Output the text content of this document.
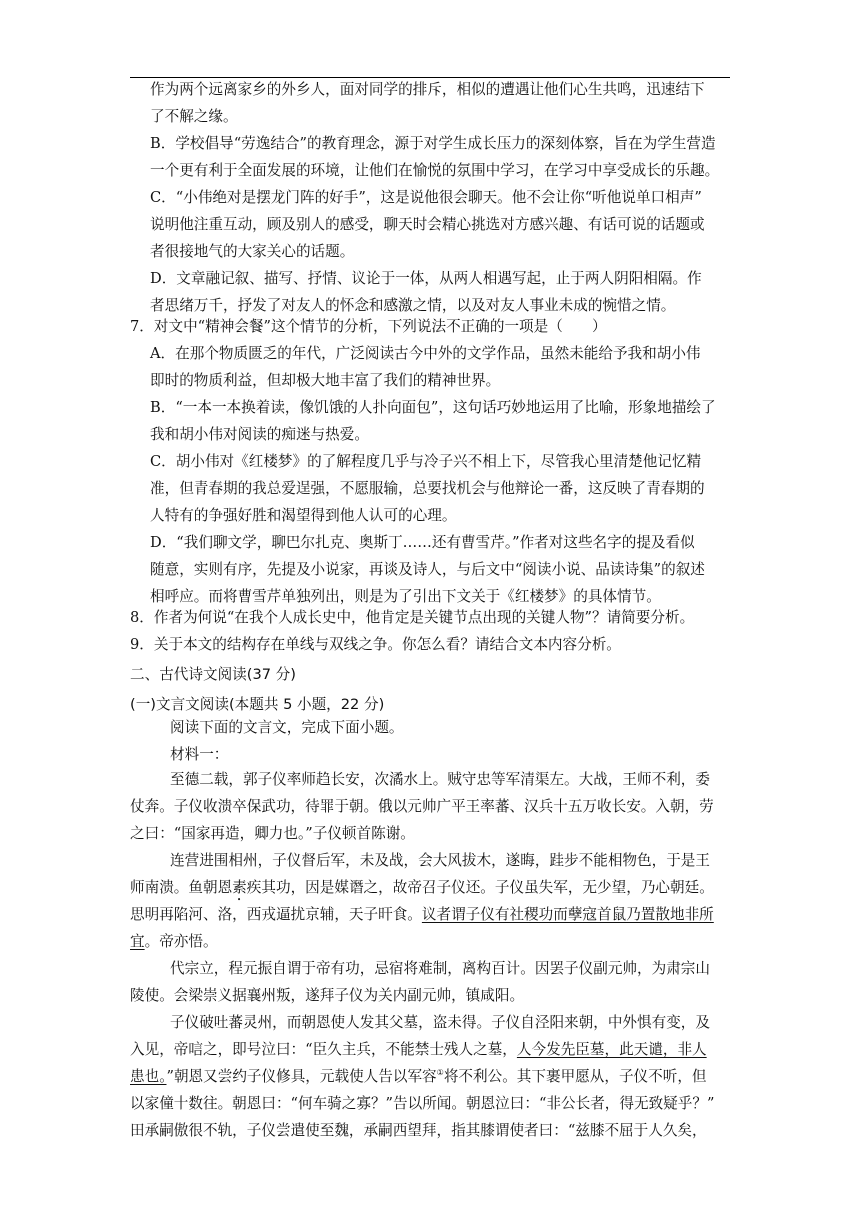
作为两个远离家乡的外乡人，面对同学的排斥，相似的遭遇让他们心生共鸣，迅速结下
了不解之缘。
B．学校倡导“劳逸结合”的教育理念，源于对学生成长压力的深刻体察，旨在为学生营造
一个更有利于全面发展的环境，让他们在愉悦的氛围中学习，在学习中享受成长的乐趣。
C．“小伟绝对是摆龙门阵的好手”，这是说他很会聊天。他不会让你“听他说单口相声”
说明他注重互动，顾及别人的感受，聊天时会精心挑选对方感兴趣、有话可说的话题或
者很接地气的大家关心的话题。
D．文章融记叙、描写、抒情、议论于一体，从两人相遇写起，止于两人阴阳相隔。作
者思绪万千，抒发了对友人的怀念和感激之情，以及对友人事业未成的惋惜之情。
7．对文中“精神会餐”这个情节的分析，下列说法不正确的一项是（　　）
A．在那个物质匮乏的年代，广泛阅读古今中外的文学作品，虽然未能给予我和胡小伟
即时的物质利益，但却极大地丰富了我们的精神世界。
B．“一本一本换着读，像饥饿的人扑向面包”，这句话巧妙地运用了比喻，形象地描绘了
我和胡小伟对阅读的痴迷与热爱。
C．胡小伟对《红楼梦》的了解程度几乎与冷子兴不相上下，尽管我心里清楚他记忆精
准，但青春期的我总爱逞强，不愿服输，总要找机会与他辩论一番，这反映了青春期的
人特有的争强好胜和渴望得到他人认可的心理。
D．“我们聊文学，聊巴尔扎克、奥斯丁……还有曹雪芹。”作者对这些名字的提及看似
随意，实则有序，先提及小说家，再谈及诗人，与后文中“阅读小说、品读诗集”的叙述
相呼应。而将曹雪芹单独列出，则是为了引出下文关于《红楼梦》的具体情节。
8．作者为何说“在我个人成长史中，他肯定是关键节点出现的关键人物”？请简要分析。
9．关于本文的结构存在单线与双线之争。你怎么看？请结合文本内容分析。
二、古代诗文阅读(37 分)
(一)文言文阅读(本题共 5 小题，22 分)
阅读下面的文言文，完成下面小题。
材料一：
至德二载，郭子仪率师趋长安，次潏水上。贼守忠等军清渠左。大战，王师不利，委
仗奔。子仪收溃卒保武功，待罪于朝。俄以元帅广平王率蕃、汉兵十五万收长安。入朝，劳
之曰：“国家再造，卿力也。”子仪顿首陈谢。
连营进围相州，子仪督后军，未及战，会大风拔木，遂晦，跬步不能相物色，于是王
师南溃。鱼朝恩素疾其功，因是媒谮之，故帝召子仪还。子仪虽失军，无少望，乃心朝廷。
思明再陷河、洛，西戎逼扰京辅，天子旰食。议者谓子仪有社稷功而孽寇首鼠乃置散地非所
宜。帝亦悟。
代宗立，程元振自谓于帝有功，忌宿将难制，离构百计。因罢子仪副元帅，为肃宗山
陵使。会梁崇义据襄州叛，遂拜子仪为关内副元帅，镇咸阳。
子仪破吐蕃灵州，而朝恩使人发其父墓，盗未得。子仪自泾阳来朝，中外惧有变，及
入见，帝唁之，即号泣曰：“臣久主兵，不能禁士残人之墓，人今发先臣墓，此天谴，非人
患也。”朝恩又尝约子仪修具，元载使人告以军容①将不利公。其下裹甲愿从，子仪不听，但
以家僮十数往。朝恩曰：“何车骑之寡？”告以所闻。朝恩泣曰：“非公长者，得无致疑乎？”
田承嗣傲很不轨，子仪尝遣使至魏，承嗣西望拜，指其膝谓使者曰：“兹膝不屈于人久矣，
